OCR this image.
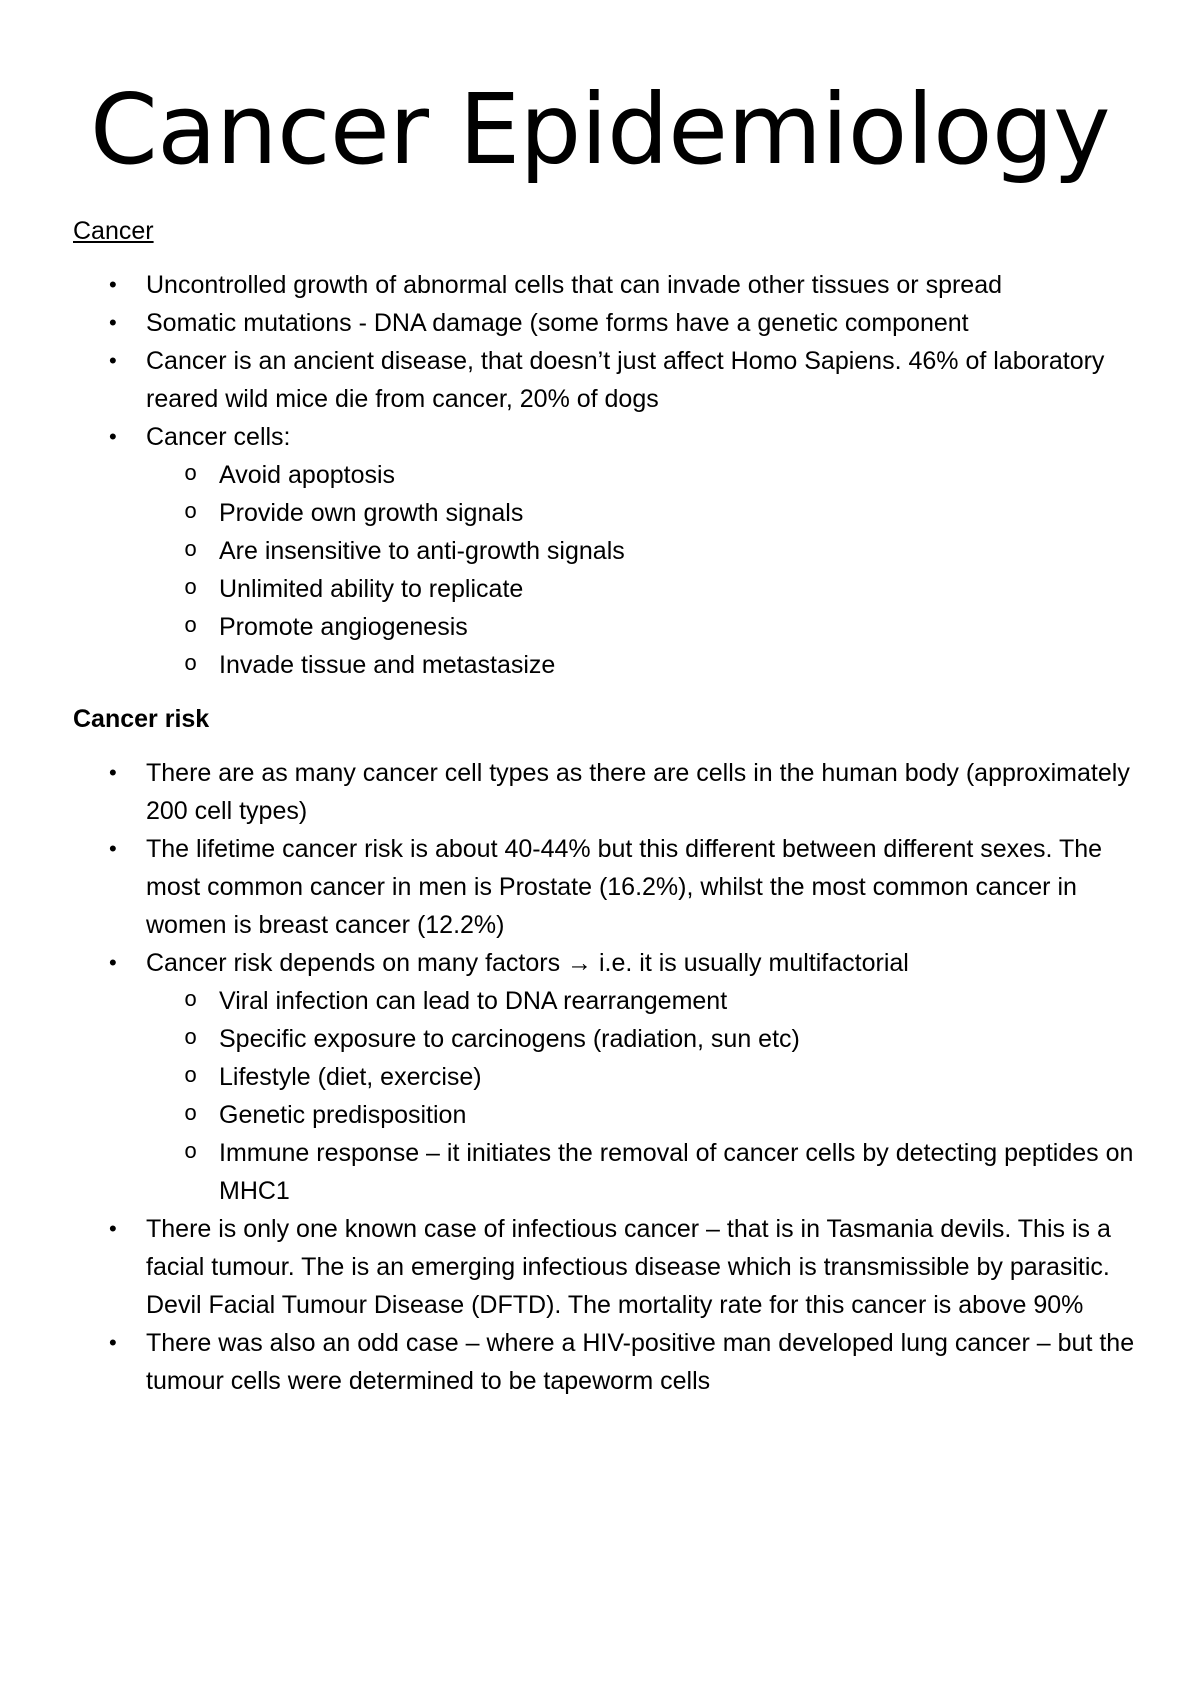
Cancer Epidemiology
Cancer
• Uncontrolled growth of abnormal cells that can invade other tissues or spread
• Somatic mutations - DNA damage (some forms have a genetic component
• Cancer is an ancient disease, that doesn’t just affect Homo Sapiens. 46% of laboratory reared wild mice die from cancer, 20% of dogs
• Cancer cells:
o Avoid apoptosis
o Provide own growth signals
o Are insensitive to anti-growth signals
o Unlimited ability to replicate
o Promote angiogenesis
o Invade tissue and metastasize
Cancer risk
• There are as many cancer cell types as there are cells in the human body (approximately 200 cell types)
• The lifetime cancer risk is about 40-44% but this different between different sexes. The most common cancer in men is Prostate (16.2%), whilst the most common cancer in women is breast cancer (12.2%)
• Cancer risk depends on many factors → i.e. it is usually multifactorial
o Viral infection can lead to DNA rearrangement
o Specific exposure to carcinogens (radiation, sun etc)
o Lifestyle (diet, exercise)
o Genetic predisposition
o Immune response – it initiates the removal of cancer cells by detecting peptides on MHC1
• There is only one known case of infectious cancer – that is in Tasmania devils. This is a facial tumour. The is an emerging infectious disease which is transmissible by parasitic. Devil Facial Tumour Disease (DFTD). The mortality rate for this cancer is above 90%
• There was also an odd case – where a HIV-positive man developed lung cancer – but the tumour cells were determined to be tapeworm cells
